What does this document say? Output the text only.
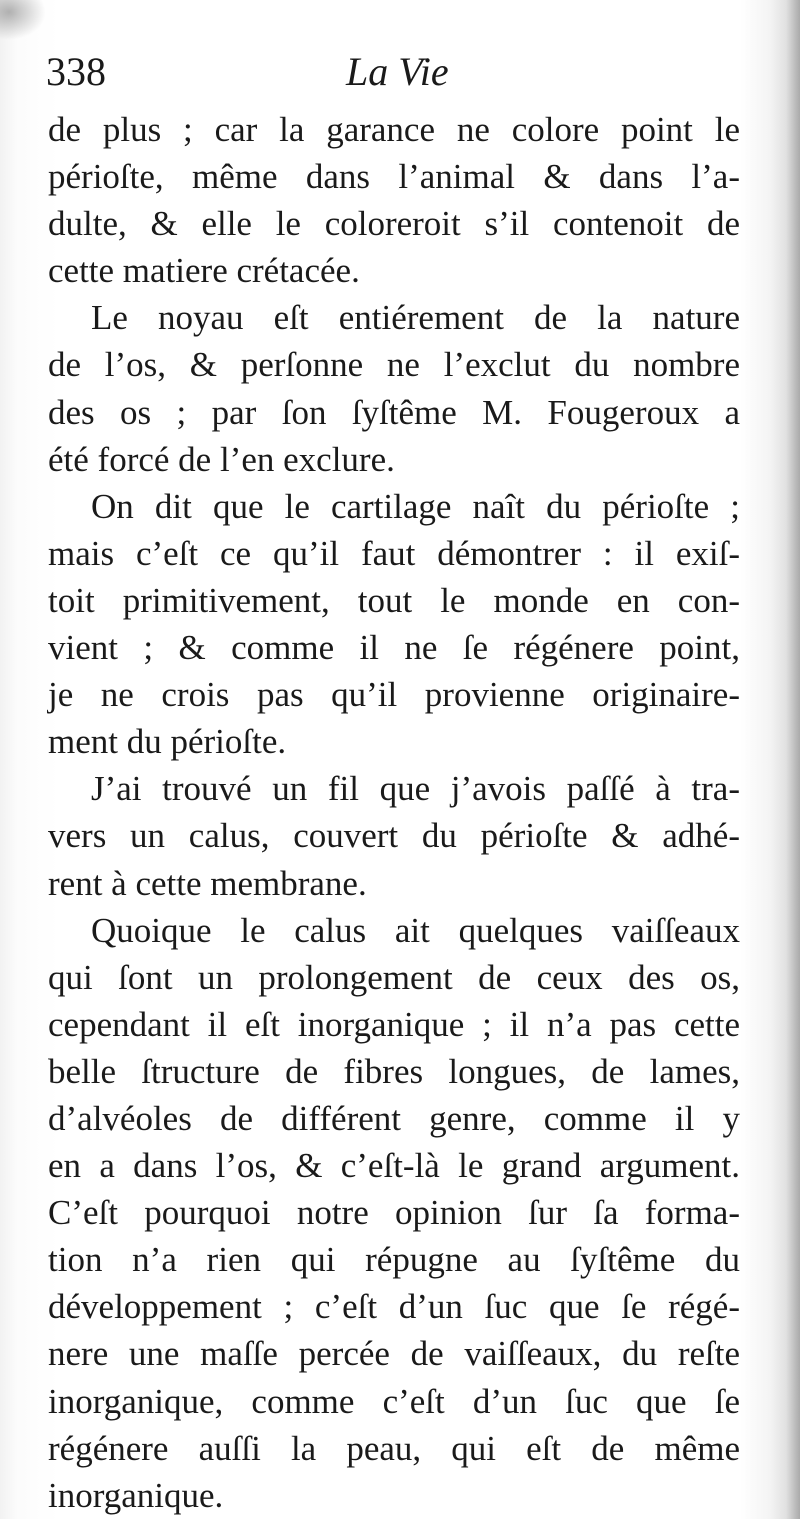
338	La Vie
de plus ; car la garance ne colore point le
périoſte, même dans l’animal & dans l’a-
dulte, & elle le coloreroit s’il contenoit de
cette matiere crétacée.
Le noyau eſt entiérement de la nature
de l’os, & perſonne ne l’exclut du nombre
des os ; par ſon ſyſtême M. Fougeroux a
été forcé de l’en exclure.
On dit que le cartilage naît du périoſte ;
mais c’eſt ce qu’il faut démontrer : il exiſ-
toit primitivement, tout le monde en con-
vient ; & comme il ne ſe régénere point,
je ne crois pas qu’il provienne originaire-
ment du périoſte.
J’ai trouvé un fil que j’avois paſſé à tra-
vers un calus, couvert du périoſte & adhé-
rent à cette membrane.
Quoique le calus ait quelques vaiſſeaux
qui ſont un prolongement de ceux des os,
cependant il eſt inorganique ; il n’a pas cette
belle ſtructure de fibres longues, de lames,
d’alvéoles de différent genre, comme il y
en a dans l’os, & c’eſt-là le grand argument.
C’eſt pourquoi notre opinion ſur ſa forma-
tion n’a rien qui répugne au ſyſtême du
développement ; c’eſt d’un ſuc que ſe régé-
nere une maſſe percée de vaiſſeaux, du reſte
inorganique, comme c’eſt d’un ſuc que ſe
régénere auſſi la peau, qui eſt de même
inorganique.
